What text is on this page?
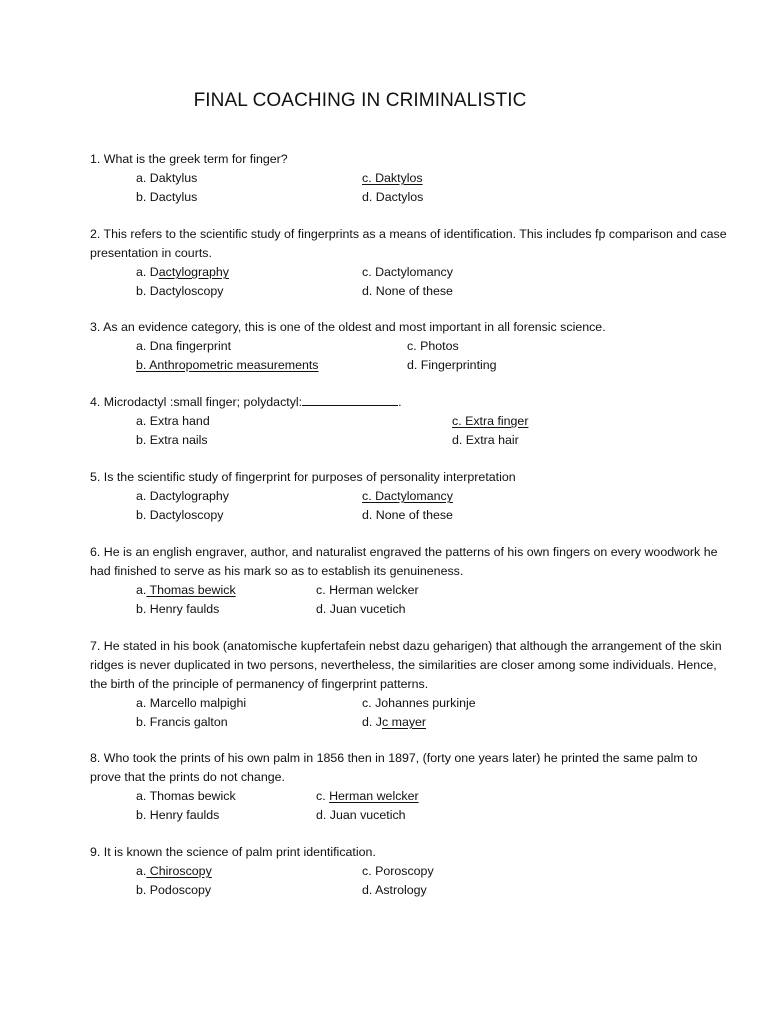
FINAL COACHING IN CRIMINALISTIC

1. What is the greek term for finger?

a. Daktylus	c. Daktylos
b. Dactylus	d. Dactylos

2. This refers to the scientific study of fingerprints as a means of identification. This includes fp comparison and case presentation in courts.

a. Dactylography	c. Dactylomancy
b. Dactyloscopy	d. None of these

3. As an evidence category, this is one of the oldest and most important in all forensic science.

a. Dna fingerprint	c. Photos
b. Anthropometric measurements	d. Fingerprinting

4. Microdactyl :small finger; polydactyl:	.

a. Extra hand	c. Extra finger
b. Extra nails	d. Extra hair

5. Is the scientific study of fingerprint for purposes of personality interpretation

a. Dactylography	c. Dactylomancy
b. Dactyloscopy	d. None of these

6. He is an english engraver, author, and naturalist engraved the patterns of his own fingers on every woodwork he had finished to serve as his mark so as to establish its genuineness.

a. Thomas bewick	c. Herman welcker
b. Henry faulds	d. Juan vucetich

7. He stated in his book (anatomische kupfertafein nebst dazu geharigen) that although the arrangement of the skin ridges is never duplicated in two persons, nevertheless, the similarities are closer among some individuals. Hence, the birth of the principle of permanency of fingerprint patterns.

a. Marcello malpighi	c. Johannes purkinje
b. Francis galton	d. Jc mayer

8. Who took the prints of his own palm in 1856 then in 1897, (forty one years later) he printed the same palm to prove that the prints do not change.

a. Thomas bewick	c. Herman welcker
b. Henry faulds	d. Juan vucetich

9. It is known the science of palm print identification.

a. Chiroscopy	c. Poroscopy
b. Podoscopy	d. Astrology
